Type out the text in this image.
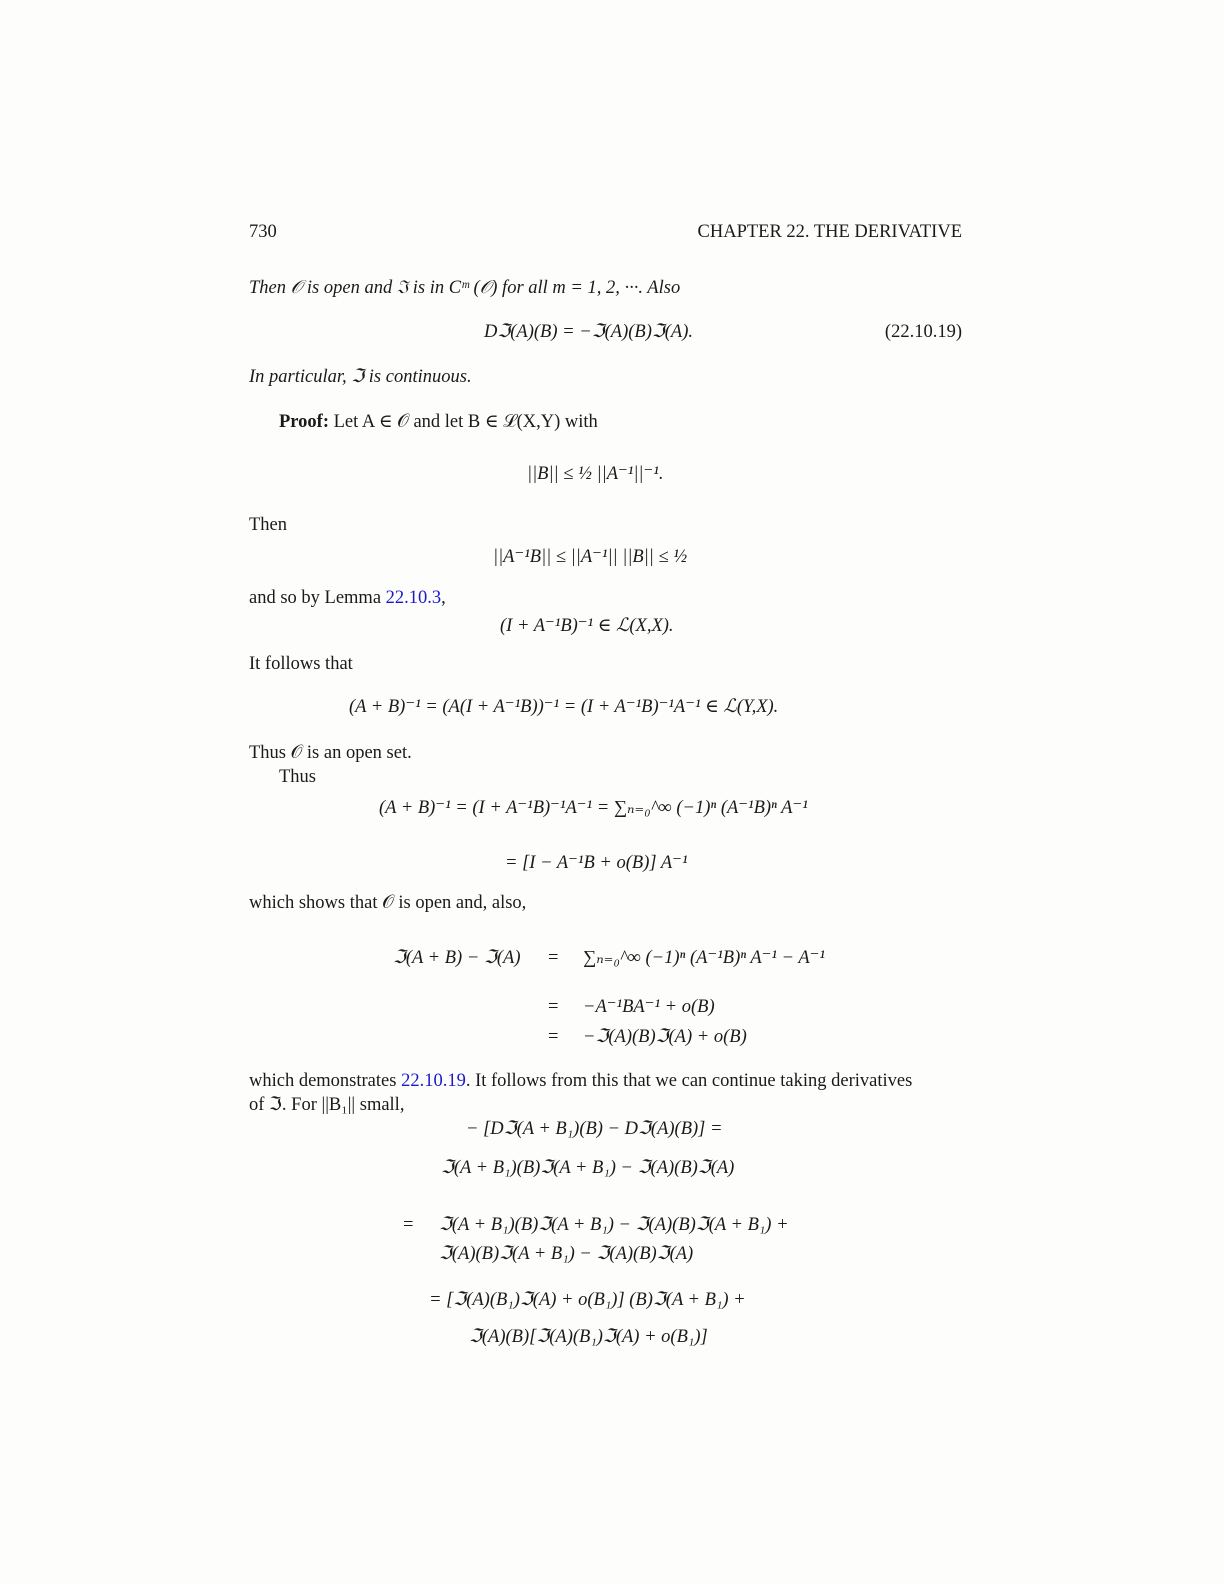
730	CHAPTER 22. THE DERIVATIVE
Then 𝒪 is open and ℑ is in Cᵐ (𝒪) for all m = 1, 2, ···. Also
Dℑ(A)(B) = −ℑ(A)(B)ℑ(A).	(22.10.19)
In particular, ℑ is continuous.
Proof: Let A ∈ 𝒪 and let B ∈ ℒ(X,Y) with
||B|| ≤ ½ ||A⁻¹||⁻¹.
Then
||A⁻¹B|| ≤ ||A⁻¹|| ||B|| ≤ ½
and so by Lemma 22.10.3,
(I + A⁻¹B)⁻¹ ∈ ℒ(X,X).
It follows that
(A + B)⁻¹ = (A(I + A⁻¹B))⁻¹ = (I + A⁻¹B)⁻¹A⁻¹ ∈ ℒ(Y,X).
Thus 𝒪 is an open set.
Thus
(A + B)⁻¹ = (I + A⁻¹B)⁻¹A⁻¹ = ∑ₙ₌₀^∞ (−1)ⁿ (A⁻¹B)ⁿ A⁻¹
= [I − A⁻¹B + o(B)] A⁻¹
which shows that 𝒪 is open and, also,
ℑ(A + B) − ℑ(A) = ∑ₙ₌₀^∞ (−1)ⁿ (A⁻¹B)ⁿ A⁻¹ − A⁻¹
= −A⁻¹BA⁻¹ + o(B)
= −ℑ(A)(B)ℑ(A) + o(B)
which demonstrates 22.10.19. It follows from this that we can continue taking derivatives
of ℑ. For ||B₁|| small,
− [Dℑ(A + B₁)(B) − Dℑ(A)(B)] =
ℑ(A + B₁)(B)ℑ(A + B₁) − ℑ(A)(B)ℑ(A)
= ℑ(A + B₁)(B)ℑ(A + B₁) − ℑ(A)(B)ℑ(A + B₁) +
ℑ(A)(B)ℑ(A + B₁) − ℑ(A)(B)ℑ(A)
= [ℑ(A)(B₁)ℑ(A) + o(B₁)] (B)ℑ(A + B₁) +
ℑ(A)(B)[ℑ(A)(B₁)ℑ(A) + o(B₁)]
